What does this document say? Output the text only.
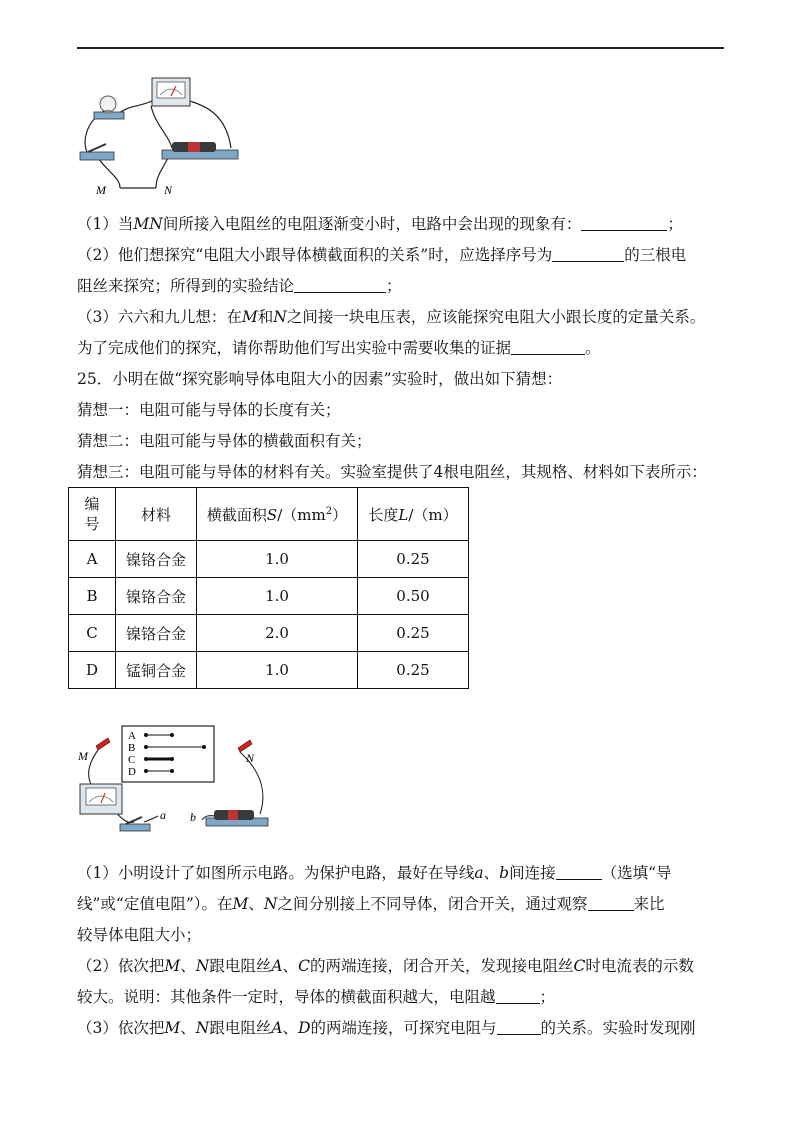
M	N
（1）当MN间所接入电阻丝的电阻逐渐变小时，电路中会出现的现象有：	；
（2）他们想探究“电阻大小跟导体横截面积的关系”时，应选择序号为	的三根电
阻丝来探究；所得到的实验结论	；
（3）六六和九儿想：在M和N之间接一块电压表，应该能探究电阻大小跟长度的定量关系。
为了完成他们的探究，请你帮助他们写出实验中需要收集的证据	。
25．小明在做“探究影响导体电阻大小的因素”实验时，做出如下猜想：
猜想一：电阻可能与导体的长度有关；
猜想二：电阻可能与导体的横截面积有关；
猜想三：电阻可能与导体的材料有关。实验室提供了4根电阻丝，其规格、材料如下表所示：
编
号	材料	横截面积$S/(mm^2)$	长度L/（m）
A	镍铬合金	1.0	0.25
B	镍铬合金	1.0	0.50
C	镍铬合金	2.0	0.25
D	锰铜合金	1.0	0.25
A
B
C
D
M	N
a b
（1）小明设计了如图所示电路。为保护电路，最好在导线a、b间连接	（选填“导
线”或“定值电阻”）。在M、N之间分别接上不同导体，闭合开关，通过观察	来比
较导体电阻大小；
（2）依次把M、N跟电阻丝A、C的两端连接，闭合开关，发现接电阻丝C时电流表的示数
较大。说明：其他条件一定时，导体的横截面积越大，电阻越	；
（3）依次把M、N跟电阻丝A、D的两端连接，可探究电阻与	的关系。实验时发现刚
